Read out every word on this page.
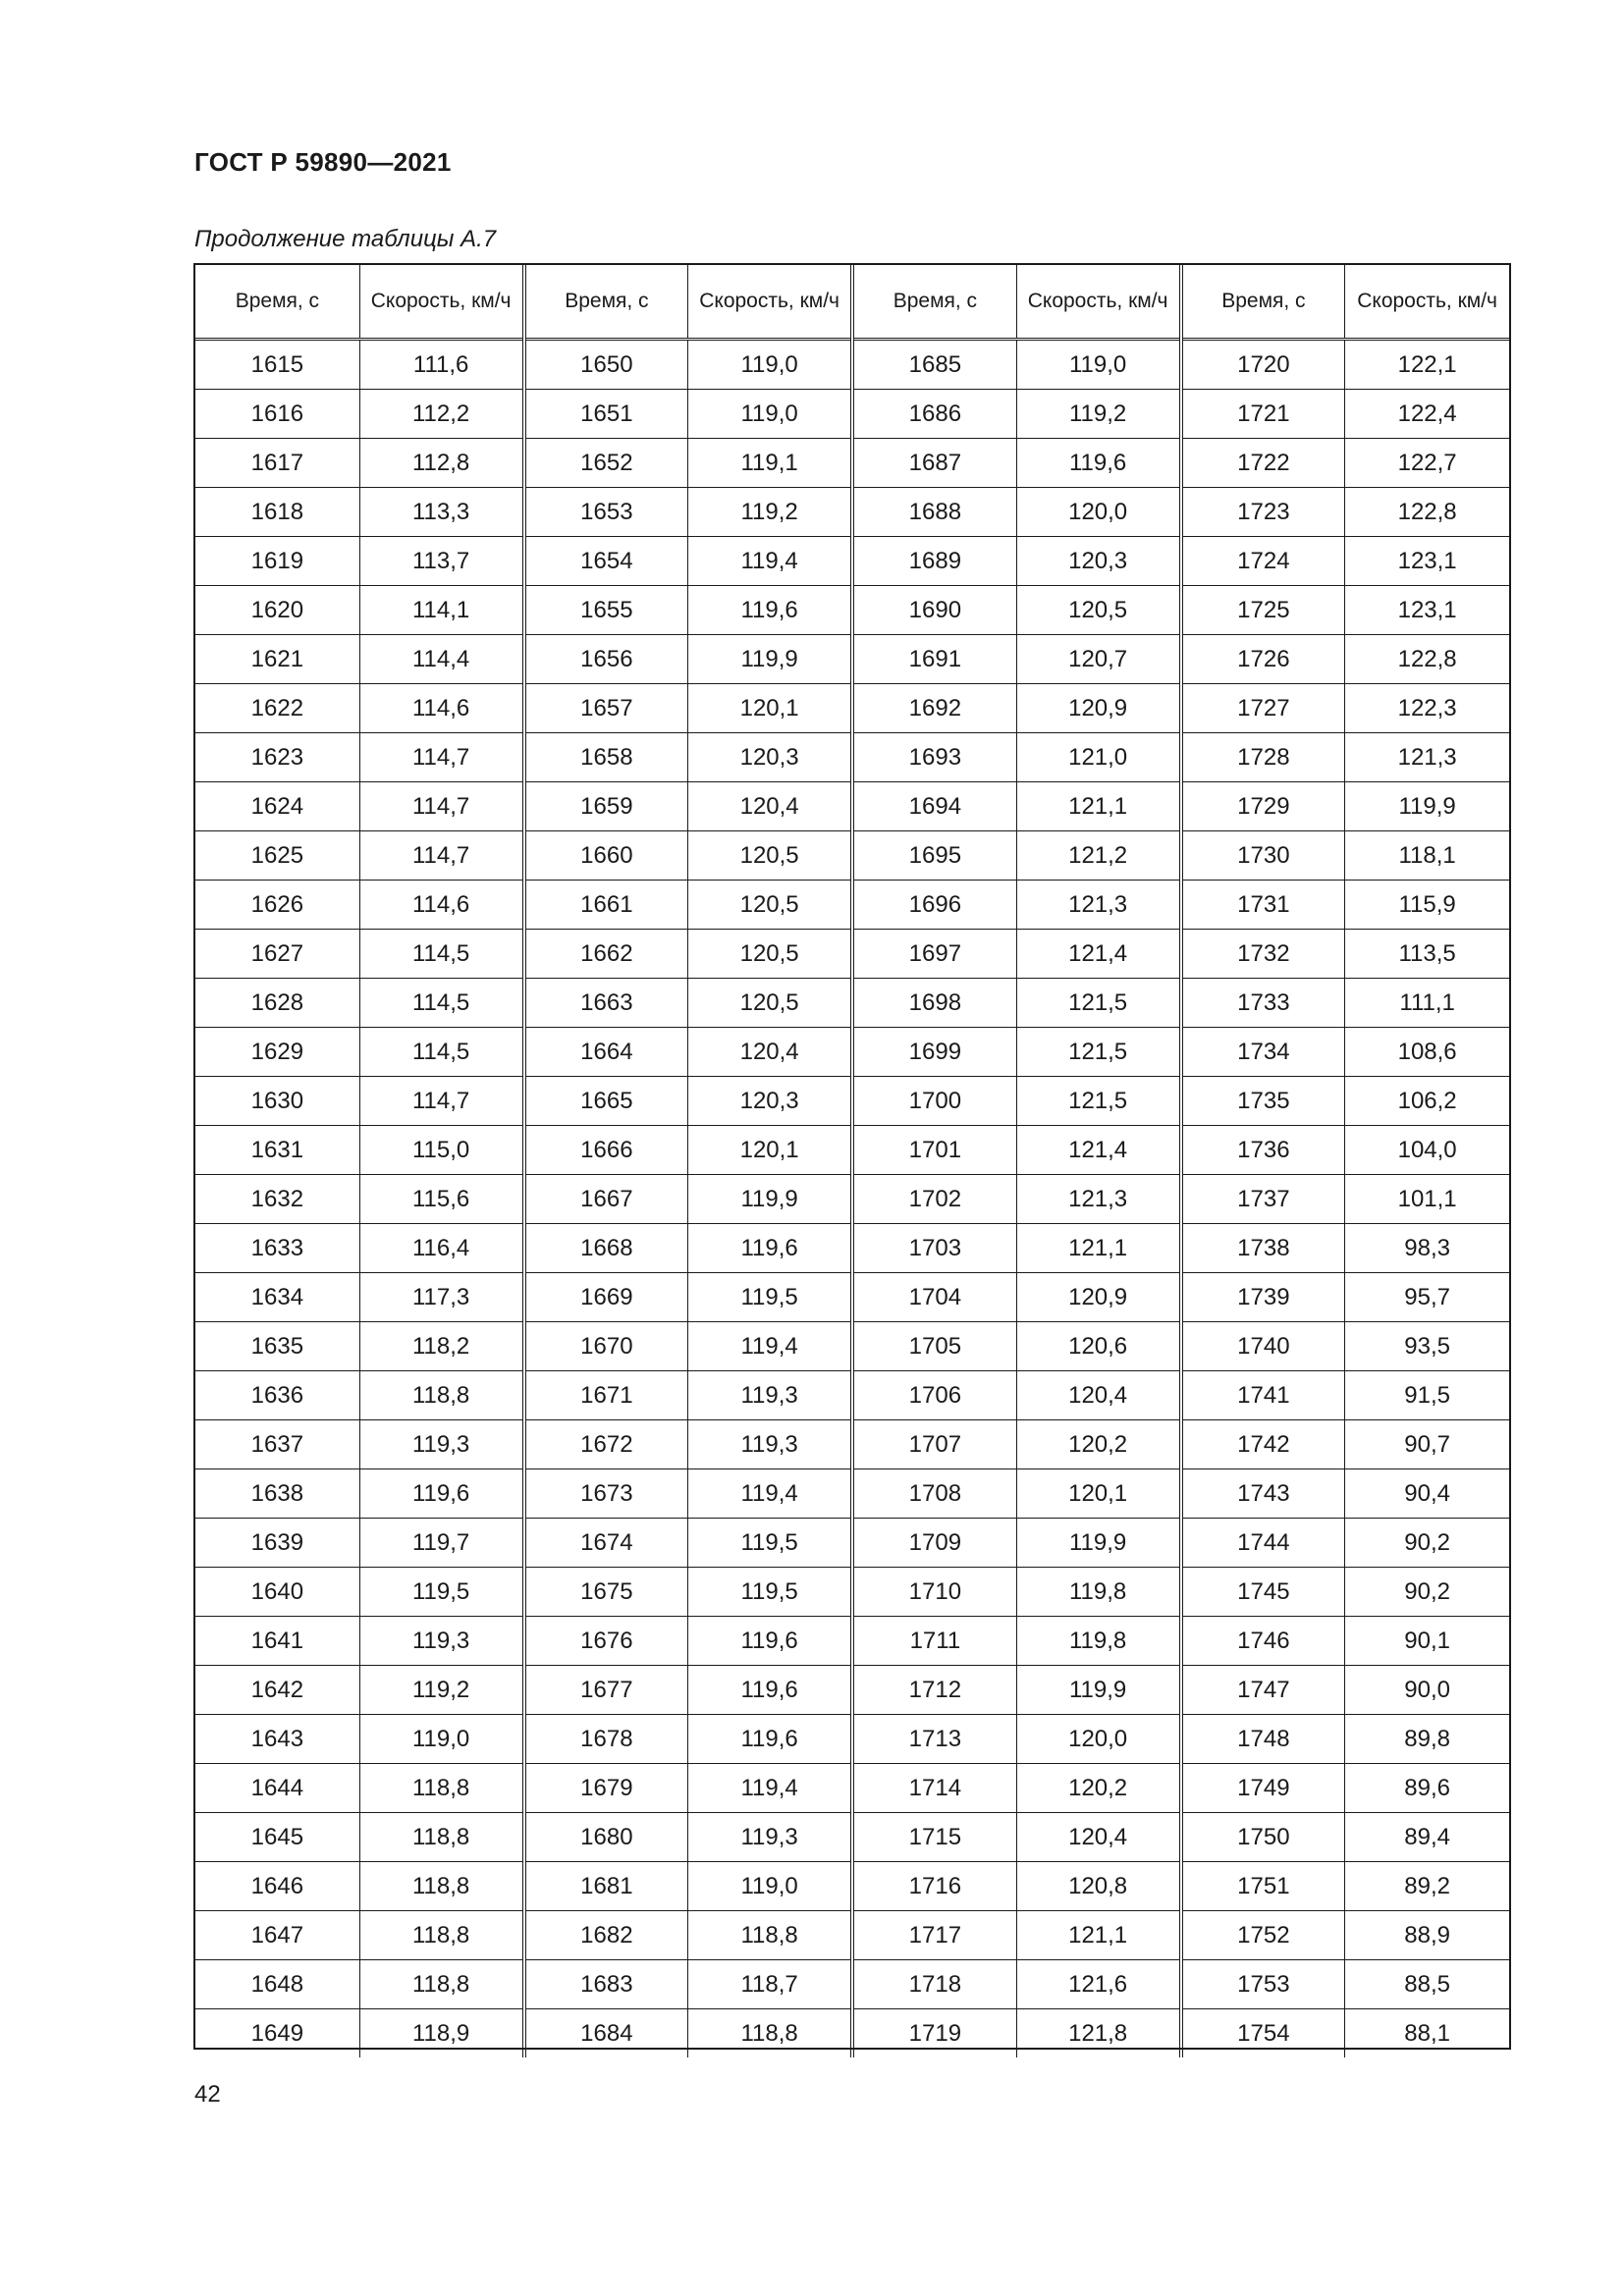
ГОСТ Р 59890—2021
Продолжение таблицы А.7
Время, с	Скорость, км/ч	Время, с	Скорость, км/ч	Время, с	Скорость, км/ч	Время, с	Скорость, км/ч
1615	111,6	1650	119,0	1685	119,0	1720	122,1
1616	112,2	1651	119,0	1686	119,2	1721	122,4
1617	112,8	1652	119,1	1687	119,6	1722	122,7
1618	113,3	1653	119,2	1688	120,0	1723	122,8
1619	113,7	1654	119,4	1689	120,3	1724	123,1
1620	114,1	1655	119,6	1690	120,5	1725	123,1
1621	114,4	1656	119,9	1691	120,7	1726	122,8
1622	114,6	1657	120,1	1692	120,9	1727	122,3
1623	114,7	1658	120,3	1693	121,0	1728	121,3
1624	114,7	1659	120,4	1694	121,1	1729	119,9
1625	114,7	1660	120,5	1695	121,2	1730	118,1
1626	114,6	1661	120,5	1696	121,3	1731	115,9
1627	114,5	1662	120,5	1697	121,4	1732	113,5
1628	114,5	1663	120,5	1698	121,5	1733	111,1
1629	114,5	1664	120,4	1699	121,5	1734	108,6
1630	114,7	1665	120,3	1700	121,5	1735	106,2
1631	115,0	1666	120,1	1701	121,4	1736	104,0
1632	115,6	1667	119,9	1702	121,3	1737	101,1
1633	116,4	1668	119,6	1703	121,1	1738	98,3
1634	117,3	1669	119,5	1704	120,9	1739	95,7
1635	118,2	1670	119,4	1705	120,6	1740	93,5
1636	118,8	1671	119,3	1706	120,4	1741	91,5
1637	119,3	1672	119,3	1707	120,2	1742	90,7
1638	119,6	1673	119,4	1708	120,1	1743	90,4
1639	119,7	1674	119,5	1709	119,9	1744	90,2
1640	119,5	1675	119,5	1710	119,8	1745	90,2
1641	119,3	1676	119,6	1711	119,8	1746	90,1
1642	119,2	1677	119,6	1712	119,9	1747	90,0
1643	119,0	1678	119,6	1713	120,0	1748	89,8
1644	118,8	1679	119,4	1714	120,2	1749	89,6
1645	118,8	1680	119,3	1715	120,4	1750	89,4
1646	118,8	1681	119,0	1716	120,8	1751	89,2
1647	118,8	1682	118,8	1717	121,1	1752	88,9
1648	118,8	1683	118,7	1718	121,6	1753	88,5
1649	118,9	1684	118,8	1719	121,8	1754	88,1
42
